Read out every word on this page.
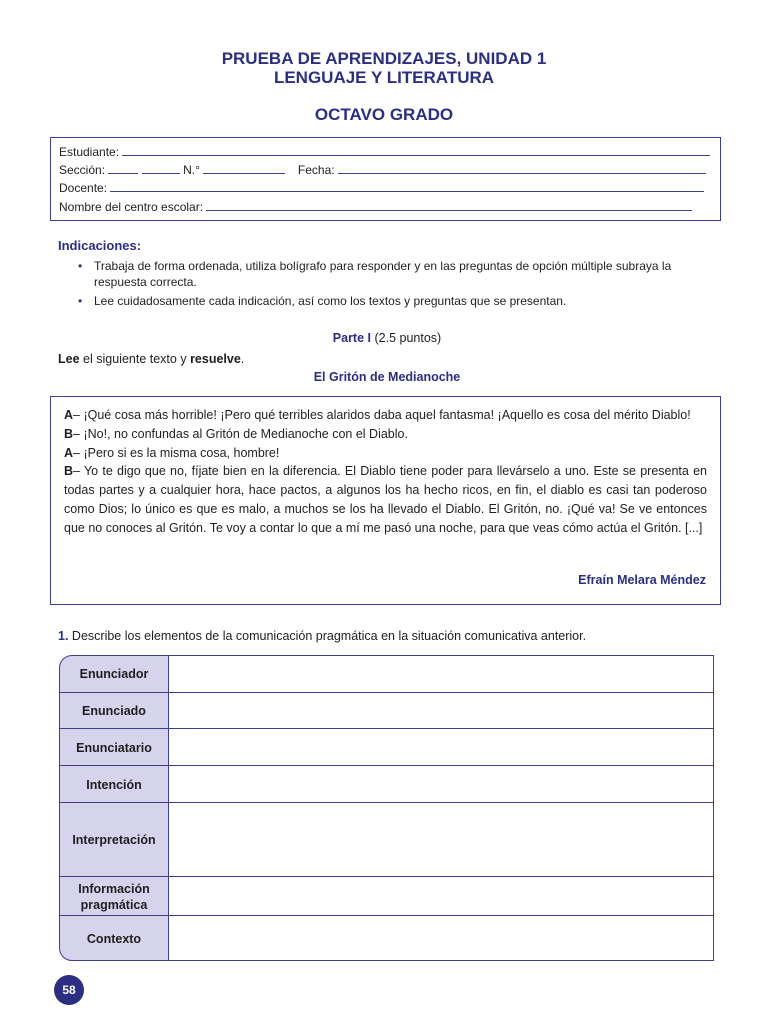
PRUEBA DE APRENDIZAJES, UNIDAD 1
LENGUAJE Y LITERATURA
OCTAVO GRADO
Estudiante:
Sección:	N.°	Fecha:
Docente:
Nombre del centro escolar:
Indicaciones:
• Trabaja de forma ordenada, utiliza bolígrafo para responder y en las preguntas de opción múltiple subraya la respuesta correcta.
• Lee cuidadosamente cada indicación, así como los textos y preguntas que se presentan.
Parte I (2.5 puntos)
Lee el siguiente texto y resuelve.
El Gritón de Medianoche

A– ¡Qué cosa más horrible! ¡Pero qué terribles alaridos daba aquel fantasma! ¡Aquello es cosa del mérito Diablo!

B– ¡No!, no confundas al Gritón de Medianoche con el Diablo.

A– ¡Pero si es la misma cosa, hombre!

B– Yo te digo que no, fíjate bien en la diferencia. El Diablo tiene poder para llevárselo a uno. Este se presenta en todas partes y a cualquier hora, hace pactos, a algunos los ha hecho ricos, en fin, el diablo es casi tan poderoso como Dios; lo único es que es malo, a muchos se los ha llevado el Diablo. El Gritón, no. ¡Qué va! Se ve entonces que no conoces al Gritón. Te voy a contar lo que a mí me pasó una noche, para que veas cómo actúa el Gritón. [...]

Efraín Melara Méndez
1. Describe los elementos de la comunicación pragmática en la situación comunicativa anterior.
Enunciador
Enunciado
Enunciatario
Intención
Interpretación
Información pragmática
Contexto
58
